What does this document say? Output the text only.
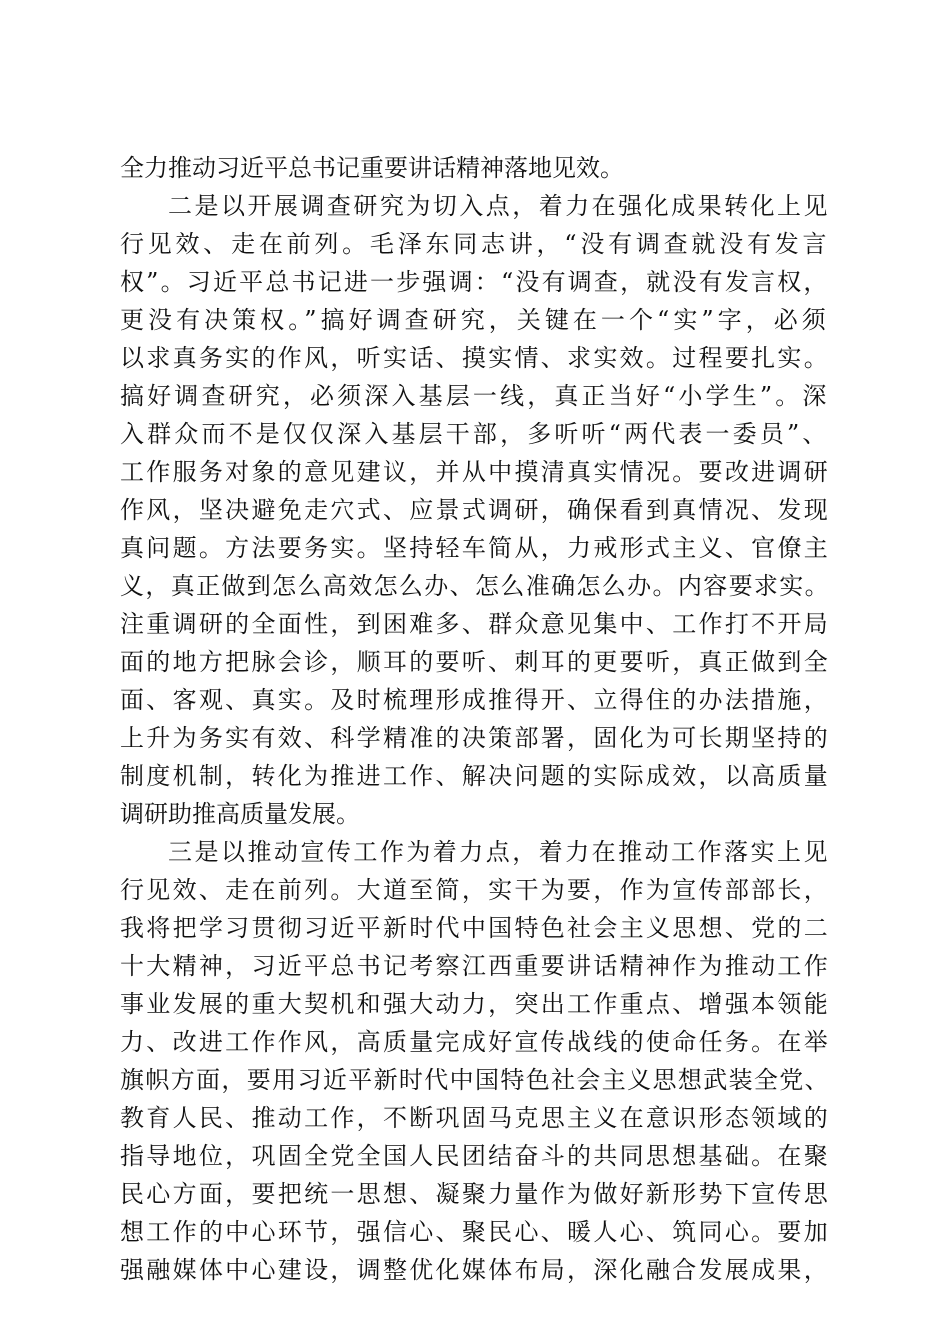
全力推动习近平总书记重要讲话精神落地见效。
二是以开展调查研究为切入点，着力在强化成果转化上见
行见效、走在前列。毛泽东同志讲，“没有调查就没有发言
权”。习近平总书记进一步强调：“没有调查，就没有发言权，
更没有决策权。”搞好调查研究，关键在一个“实”字，必须
以求真务实的作风，听实话、摸实情、求实效。过程要扎实。
搞好调查研究，必须深入基层一线，真正当好“小学生”。深
入群众而不是仅仅深入基层干部，多听听“两代表一委员”、
工作服务对象的意见建议，并从中摸清真实情况。要改进调研
作风，坚决避免走穴式、应景式调研，确保看到真情况、发现
真问题。方法要务实。坚持轻车简从，力戒形式主义、官僚主
义，真正做到怎么高效怎么办、怎么准确怎么办。内容要求实。
注重调研的全面性，到困难多、群众意见集中、工作打不开局
面的地方把脉会诊，顺耳的要听、刺耳的更要听，真正做到全
面、客观、真实。及时梳理形成推得开、立得住的办法措施，
上升为务实有效、科学精准的决策部署，固化为可长期坚持的
制度机制，转化为推进工作、解决问题的实际成效，以高质量
调研助推高质量发展。
三是以推动宣传工作为着力点，着力在推动工作落实上见
行见效、走在前列。大道至简，实干为要，作为宣传部部长，
我将把学习贯彻习近平新时代中国特色社会主义思想、党的二
十大精神，习近平总书记考察江西重要讲话精神作为推动工作
事业发展的重大契机和强大动力，突出工作重点、增强本领能
力、改进工作作风，高质量完成好宣传战线的使命任务。在举
旗帜方面，要用习近平新时代中国特色社会主义思想武装全党、
教育人民、推动工作，不断巩固马克思主义在意识形态领域的
指导地位，巩固全党全国人民团结奋斗的共同思想基础。在聚
民心方面，要把统一思想、凝聚力量作为做好新形势下宣传思
想工作的中心环节，强信心、聚民心、暖人心、筑同心。要加
强融媒体中心建设，调整优化媒体布局，深化融合发展成果，
